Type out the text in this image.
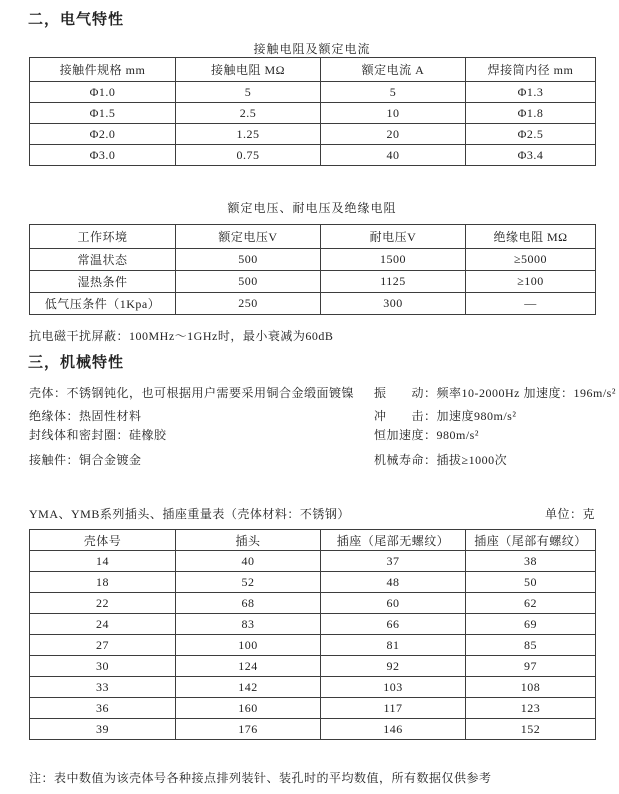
二，电气特性
接触电阻及额定电流
接触件规格 mm	接触电阻 MΩ	额定电流 A	焊接筒内径 mm
Φ1.0	5	5	Φ1.3
Φ1.5	2.5	10	Φ1.8
Φ2.0	1.25	20	Φ2.5
Φ3.0	0.75	40	Φ3.4
额定电压、耐电压及绝缘电阻
工作环境	额定电压V	耐电压V	绝缘电阻 MΩ
常温状态	500	1500	≥5000
湿热条件	500	1125	≥100
低气压条件（1Kpa）	250	300	—
抗电磁干扰屏蔽：100MHz～1GHz时，最小衰减为60dB
三，机械特性
壳体：不锈钢钝化，也可根据用户需要采用铜合金缎面镀镍
绝缘体：热固性材料
封线体和密封圈：硅橡胶
接触件：铜合金镀金
振　　动：频率10-2000Hz 加速度：196m/s²
冲　　击：加速度980m/s²
恒加速度：980m/s²
机械寿命：插拔≥1000次
YMA、YMB系列插头、插座重量表（壳体材料：不锈钢）	单位：克
壳体号	插头	插座（尾部无螺纹）	插座（尾部有螺纹）
14	40	37	38
18	52	48	50
22	68	60	62
24	83	66	69
27	100	81	85
30	124	92	97
33	142	103	108
36	160	117	123
39	176	146	152
注：表中数值为该壳体号各种接点排列装针、装孔时的平均数值，所有数据仅供参考
